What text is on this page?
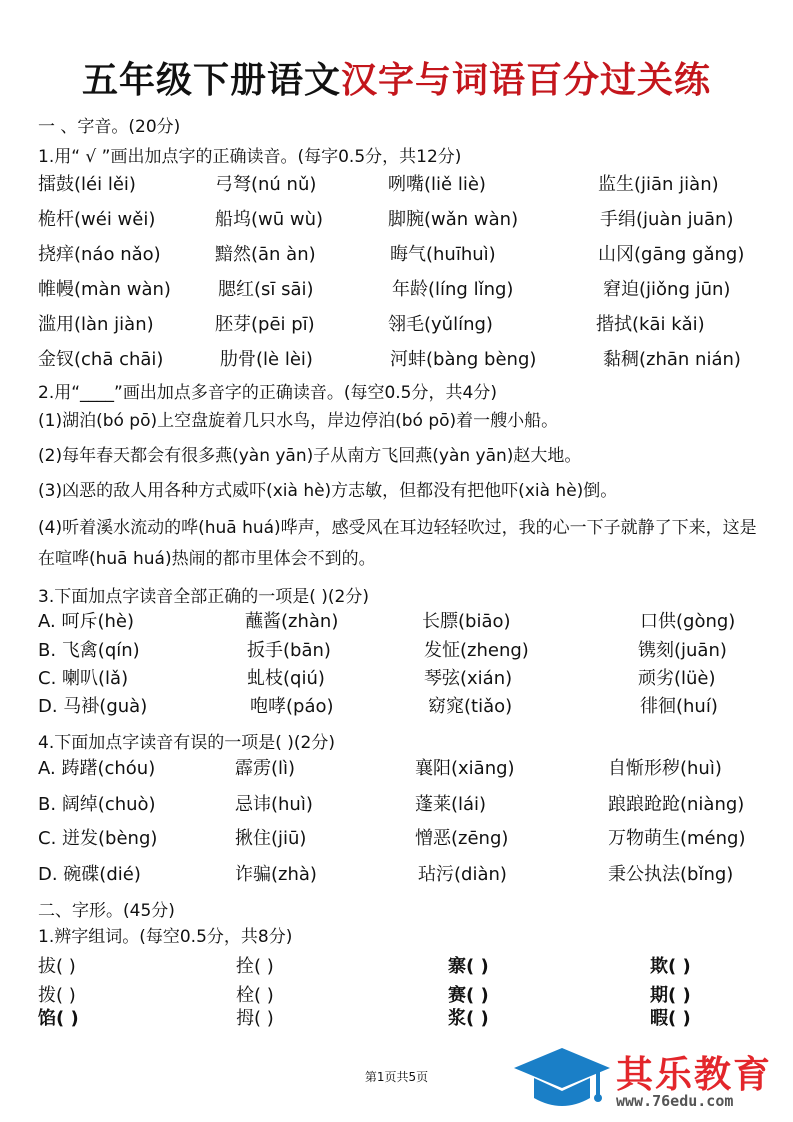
五年级下册语文汉字与词语百分过关练
一 、字音。(20分)
1.用“ √ ”画出加点字的正确读音。(每字0.5分，共12分)
擂鼓(léi lěi)	弓弩(nú nǔ)	咧嘴(liě liè)	监生(jiān jiàn)
桅杆(wéi wěi)	船坞(wū wù)	脚腕(wǎn wàn)	手绢(juàn juān)
挠痒(náo nǎo)	黯然(ān àn)	晦气(huīhuì)	山冈(gāng gǎng)
帷幔(màn wàn)	腮红(sī sāi)	年龄(líng lǐng)	窘迫(jiǒng jūn)
滥用(làn jiàn)	胚芽(pēi pī)	翎毛(yǔlíng)	揩拭(kāi kǎi)
金钗(chā chāi)	肋骨(lè lèi)	河蚌(bàng bèng)	黏稠(zhān nián)
2.用“____”画出加点多音字的正确读音。(每空0.5分，共4分)
(1)湖泊(bó pō)上空盘旋着几只水鸟，岸边停泊(bó pō)着一艘小船。
(2)每年春天都会有很多燕(yàn yān)子从南方飞回燕(yàn yān)赵大地。
(3)凶恶的敌人用各种方式威吓(xià hè)方志敏，但都没有把他吓(xià hè)倒。
(4)听着溪水流动的哗(huā huá)哗声，感受风在耳边轻轻吹过，我的心一下子就静了下来，这是在喧哗(huā huá)热闹的都市里体会不到的。
3.下面加点字读音全部正确的一项是( )(2分)
A. 呵斥(hè)	蘸酱(zhàn)	长膘(biāo)	口供(gòng)
B. 飞禽(qín)	扳手(bān)	发怔(zheng)	镌刻(juān)
C. 喇叭(lǎ)	虬枝(qiú)	琴弦(xián)	顽劣(lüè)
D. 马褂(guà)	咆哮(páo)	窈窕(tiǎo)	徘徊(huí)
4.下面加点字读音有误的一项是( )(2分)
A. 踌躇(chóu)	霹雳(lì)	襄阳(xiāng)	自惭形秽(huì)
B. 阔绰(chuò)	忌讳(huì)	蓬莱(lái)	踉踉跄跄(niàng)
C. 迸发(bèng)	揪住(jiū)	憎恶(zēng)	万物萌生(méng)
D. 碗碟(dié)	诈骗(zhà)	玷污(diàn)	秉公执法(bǐng)
二、字形。(45分)
1.辨字组词。(每空0.5分，共8分)
拔( )	拴( )	寨( )	欺( )
拨( )	栓( )	赛( )	期( )
馅( )	拇( )	浆( )	暇( )
第1页共5页	其乐教育
www.76edu.com
